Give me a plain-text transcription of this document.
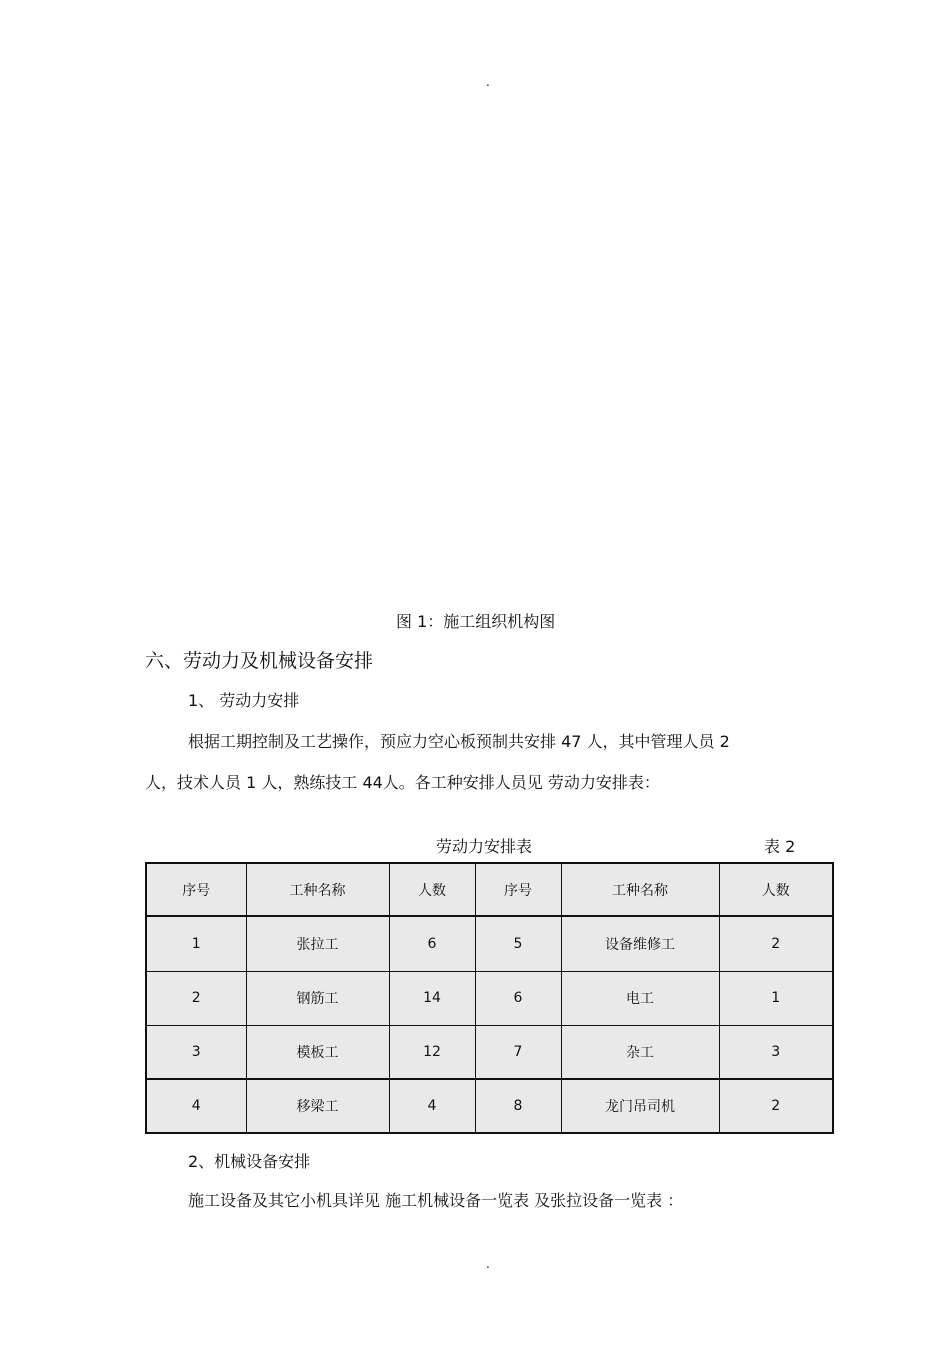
.
图 1：施工组织机构图
六、劳动力及机械设备安排
1、 劳动力安排
根据工期控制及工艺操作，预应力空心板预制共安排 47 人，其中管理人员 2
人，技术人员 1 人，熟练技工 44人。各工种安排人员见 劳动力安排表：
劳动力安排表	表 2
序号	工种名称	人数	序号	工种名称	人数
1	张拉工	6	5	设备维修工	2
2	钢筋工	14	6	电工	1
3	模板工	12	7	杂工	3
4	移梁工	4	8	龙门吊司机	2
2、机械设备安排
施工设备及其它小机具详见 施工机械设备一览表 及张拉设备一览表 ：
.
